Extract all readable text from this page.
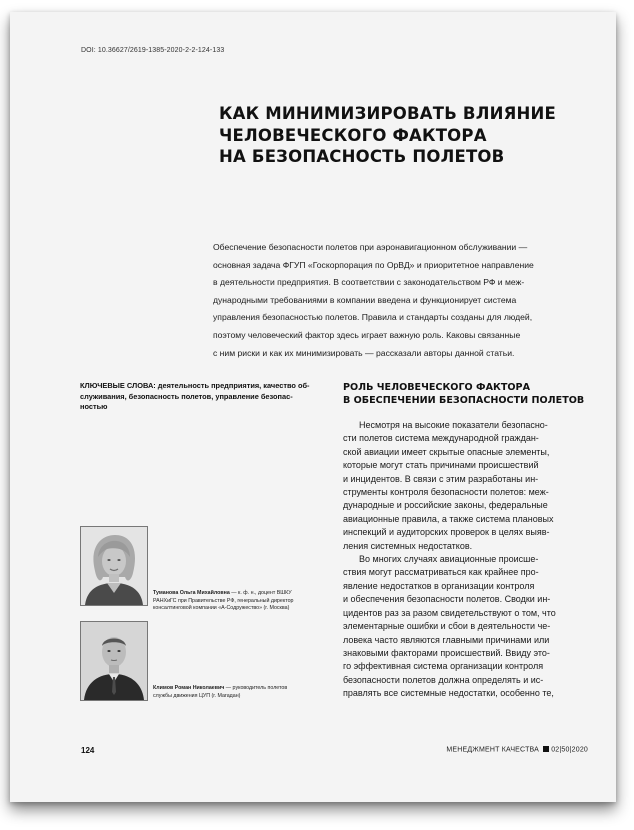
DOI: 10.36627/2619-1385-2020-2-2-124-133
КАК МИНИМИЗИРОВАТЬ ВЛИЯНИЕ
ЧЕЛОВЕЧЕСКОГО ФАКТОРА
НА БЕЗОПАСНОСТЬ ПОЛЕТОВ
Обеспечение безопасности полетов при аэронавигационном обслуживании —
основная задача ФГУП «Госкорпорация по ОрВД» и приоритетное направление
в деятельности предприятия. В соответствии с законодательством РФ и меж-
дународными требованиями в компании введена и функционирует система
управления безопасностью полетов. Правила и стандарты созданы для людей,
поэтому человеческий фактор здесь играет важную роль. Каковы связанные
с ним риски и как их минимизировать — рассказали авторы данной статьи.
КЛЮЧЕВЫЕ СЛОВА: деятельность предприятия, качество об-
служивания, безопасность полетов, управление безопас-
ностью
РОЛЬ ЧЕЛОВЕЧЕСКОГО ФАКТОРА
В ОБЕСПЕЧЕНИИ БЕЗОПАСНОСТИ ПОЛЕТОВ
Несмотря на высокие показатели безопасно-
сти полетов система международной граждан-
ской авиации имеет скрытые опасные элементы,
которые могут стать причинами происшествий
и инцидентов. В связи с этим разработаны ин-
струменты контроля безопасности полетов: меж-
дународные и российские законы, федеральные
авиационные правила, а также система плановых
инспекций и аудиторских проверок в целях выяв-
ления системных недостатков.
Во многих случаях авиационные происше-
ствия могут рассматриваться как крайнее про-
явление недостатков в организации контроля
и обеспечения безопасности полетов. Сводки ин-
цидентов раз за разом свидетельствуют о том, что
элементарные ошибки и сбои в деятельности че-
ловека часто являются главными причинами или
знаковыми факторами происшествий. Ввиду это-
го эффективная система организации контроля
безопасности полетов должна определять и ис-
правлять все системные недостатки, особенно те,
Туманова Ольга Михайловна — к. ф. н., доцент ВШКУ
РАНХиГС при Правительстве РФ, генеральный директор
консалтинговой компании «А-Содружество» (г. Москва)
Климов Роман Николаевич — руководитель полетов
службы движения ЦУП (г. Магадан)
124	МЕНЕДЖМЕНТ КАЧЕСТВА 02|50|2020
